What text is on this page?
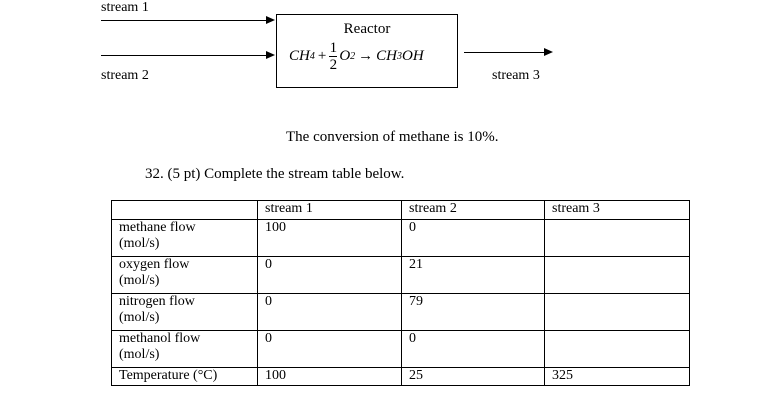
stream 1
stream 2
Reactor
CH $4 + \frac{1}{2}$ O 2 → CH 3 OH
stream 3
The conversion of methane is 10%.
32. (5 pt) Complete the stream table below.
	stream 1	stream 2	stream 3
methane flow
(mol/s)	100	0	
oxygen flow
(mol/s)	0	21	
nitrogen flow
(mol/s)	0	79	
methanol flow
(mol/s)	0	0	
Temperature (°C)	100	25	325
